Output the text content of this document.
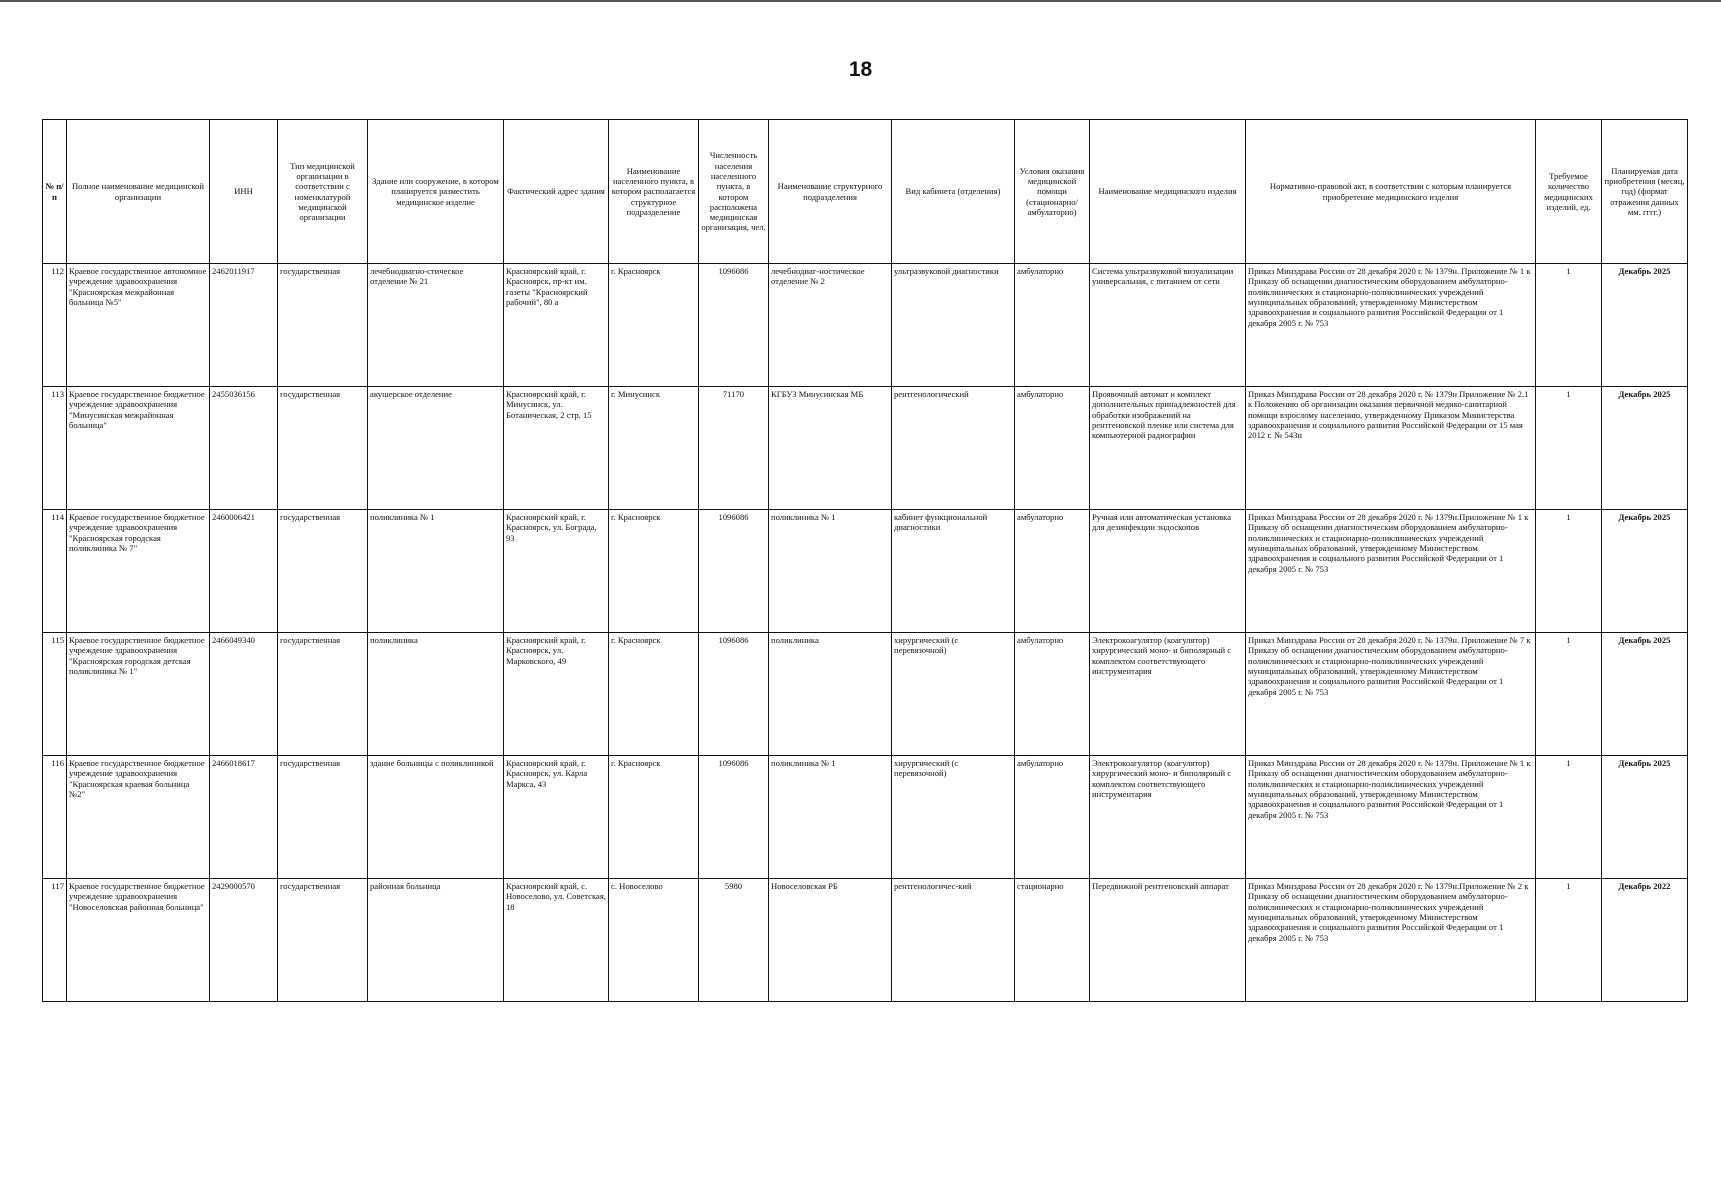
18
№ п/п	Полное наименование медицинской организации	ИНН	Тип медицинской организации в соответствии с номенклатурой медицинской организации	Здание или сооружение, в котором планируется разместить медицинское изделие	Фактический адрес здания	Наименование населенного пункта, в котором располагается структурное подразделение	Численность населения населенного пункта, в котором расположена медицинская организация, чел.	Наименование структурного подразделения	Вид кабинета (отделения)	Условия оказания медицинской помощи (стационарно/ амбулаторно)	Наименование медицинского изделия	Нормативно-правовой акт, в соответствии с которым планируется приобретение медицинского изделия	Требуемое количество медицинских изделий, ед.	Планируемая дата приобретения (месяц, год) (формат отражения данных мм. гггг.)
112	Краевое государственное автономное учреждение здравоохранения "Красноярская межрайонная больница №5"	2462011917	государственная	лечебнодиагно-стическое отделение № 21	Красноярский край, г. Красноярск, пр-кт им. газеты "Красноярский рабочий", 80 а	г. Красноярск	1096086	лечебнодиаг-ностическое отделение № 2	ультразвуковой диагностики	амбулаторно	Система ультразвуковой визуализации универсальная, с питанием от сети	Приказ Минздрава России от 28 декабря 2020 г. № 1379н. Приложение № 1 к Приказу об оснащении диагностическим оборудованием амбулаторно-поликлинических и стационарно-поликлинических учреждений муниципальных образований, утвержденному Министерством здравоохранения и социального развития Российской Федерации от 1 декабря 2005 г. № 753	1	Декабрь 2025
113	Краевое государственное бюджетное учреждение здравоохранения "Минусинская межрайонная больница"	2455036156	государственная	акушерское отделение	Красноярский край, г. Минусинск, ул. Ботаническая, 2 стр. 15	г. Минусинск	71170	КГБУЗ Минусинская МБ	рентгенологический	амбулаторно	Проявочный автомат и комплект дополнительных принадлежностей для обработки изображений на рентгеновской пленке или система для компьютерной радиографии	Приказ Минздрава России от 28 декабря 2020 г. № 1379н Приложение № 2.1 к Положению об организации оказания первичной медико-санитарной помощи взрослому населению, утвержденному Приказом Министерства здравоохранения и социального развития Российской Федерации от 15 мая 2012 г. № 543н	1	Декабрь 2025
114	Краевое государственное бюджетное учреждение здравоохранения "Красноярская городская поликлиника № 7"	2460006421	государственная	поликлиника № 1	Красноярский край, г. Красноярск, ул. Бограда, 93	г. Красноярск	1096086	поликлиника № 1	кабинет функциональной диагностики	амбулаторно	Ручная или автоматическая установка для дезинфекции эндоскопов	Приказ Минздрава России от 28 декабря 2020 г. № 1379н.Приложение № 1 к Приказу об оснащении диагностическим оборудованием амбулаторно-поликлинических и стационарно-поликлинических учреждений муниципальных образований, утвержденному Министерством здравоохранения и социального развития Российской Федерации от 1 декабря 2005 г. № 753	1	Декабрь 2025
115	Краевое государственное бюджетное учреждение здравоохранения "Красноярская городская детская поликлиника № 1"	2466049340	государственная	поликлиника	Красноярский край, г. Красноярск, ул. Марковского, 49	г. Красноярск	1096086	поликлиника	хирургический (с перевязочной)	амбулаторно	Электрокоагулятор (коагулятор) хирургический моно- и биполярный с комплектом соответствующего инструментария	Приказ Минздрава России от 28 декабря 2020 г. № 1379н. Приложение № 7 к Приказу об оснащении диагностическим оборудованием амбулаторно-поликлинических и стационарно-поликлинических учреждений муниципальных образований, утвержденному Министерством здравоохранения и социального развития Российской Федерации от 1 декабря 2005 г. № 753	1	Декабрь 2025
116	Краевое государственное бюджетное учреждение здравоохранения "Красноярская краевая больница №2"	2466018617	государственная	здание больницы с поликлиникой	Красноярский край, г. Красноярск, ул. Карла Маркса, 43	г. Красноярск	1096086	поликлиника № 1	хирургический (с перевязочной)	амбулаторно	Электрокоагулятор (коагулятор) хирургический моно- и биполярный с комплектом соответствующего инструментария	Приказ Минздрава России от 28 декабря 2020 г. № 1379н. Приложение № 1 к Приказу об оснащении диагностическим оборудованием амбулаторно-поликлинических и стационарно-поликлинических учреждений муниципальных образований, утвержденному Министерством здравоохранения и социального развития Российской Федерации от 1 декабря 2005 г. № 753	1	Декабрь 2025
117	Краевое государственное бюджетное учреждение здравоохранения "Новоселовская районная больница"	2429000570	государственная	районная больница	Красноярский край, с. Новоселово, ул. Советская, 18	с. Новоселово	5980	Новоселовская РБ	рентгенологичес-кий	стационарно	Передвижной рентгеновский аппарат	Приказ Минздрава России от 28 декабря 2020 г. № 1379н.Приложение № 2 к Приказу об оснащении диагностическим оборудованием амбулаторно-поликлинических и стационарно-поликлинических учреждений муниципальных образований, утвержденному Министерством здравоохранения и социального развития Российской Федерации от 1 декабря 2005 г. № 753	1	Декабрь 2022
